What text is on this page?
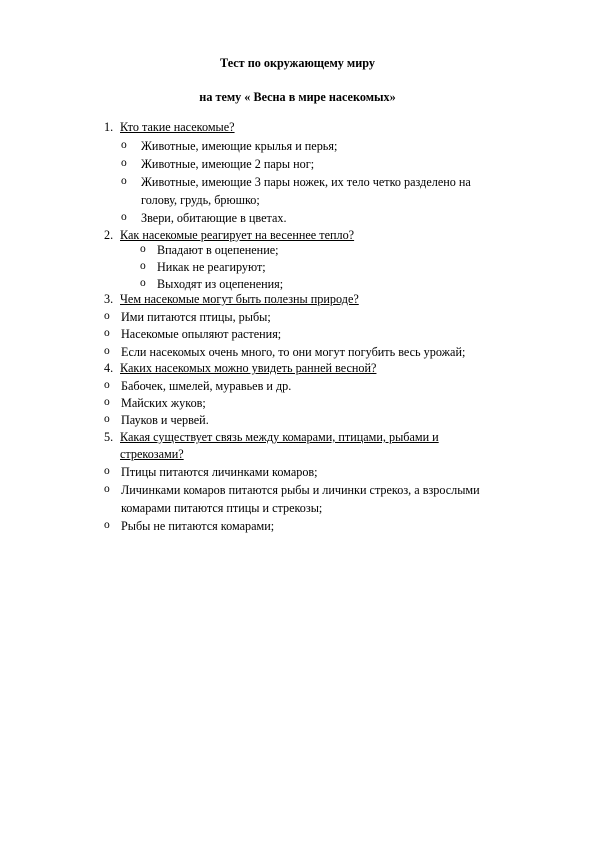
Тест по окружающему миру
на тему « Весна в мире насекомых»
1. Кто такие насекомые?
o Животные, имеющие крылья и перья;
o Животные, имеющие 2 пары ног;
o Животные, имеющие 3 пары ножек, их тело четко разделено на
голову, грудь, брюшко;
o Звери, обитающие в цветах.
2. Как насекомые реагирует на весеннее тепло?
o Впадают в оцепенение;
o Никак не реагируют;
o Выходят из оцепенения;
3. Чем насекомые могут быть полезны природе?
o Ими питаются птицы, рыбы;
o Насекомые опыляют растения;
o Если насекомых очень много, то они могут погубить весь урожай;
4. Каких насекомых можно увидеть ранней весной?
o Бабочек, шмелей, муравьев и др.
o Майских жуков;
o Пауков и червей.
5. Какая существует связь между комарами, птицами, рыбами и
стрекозами?
o Птицы питаются личинками комаров;
o Личинками комаров питаются рыбы и личинки стрекоз, а взрослыми
комарами питаются птицы и стрекозы;
o Рыбы не питаются комарами;
